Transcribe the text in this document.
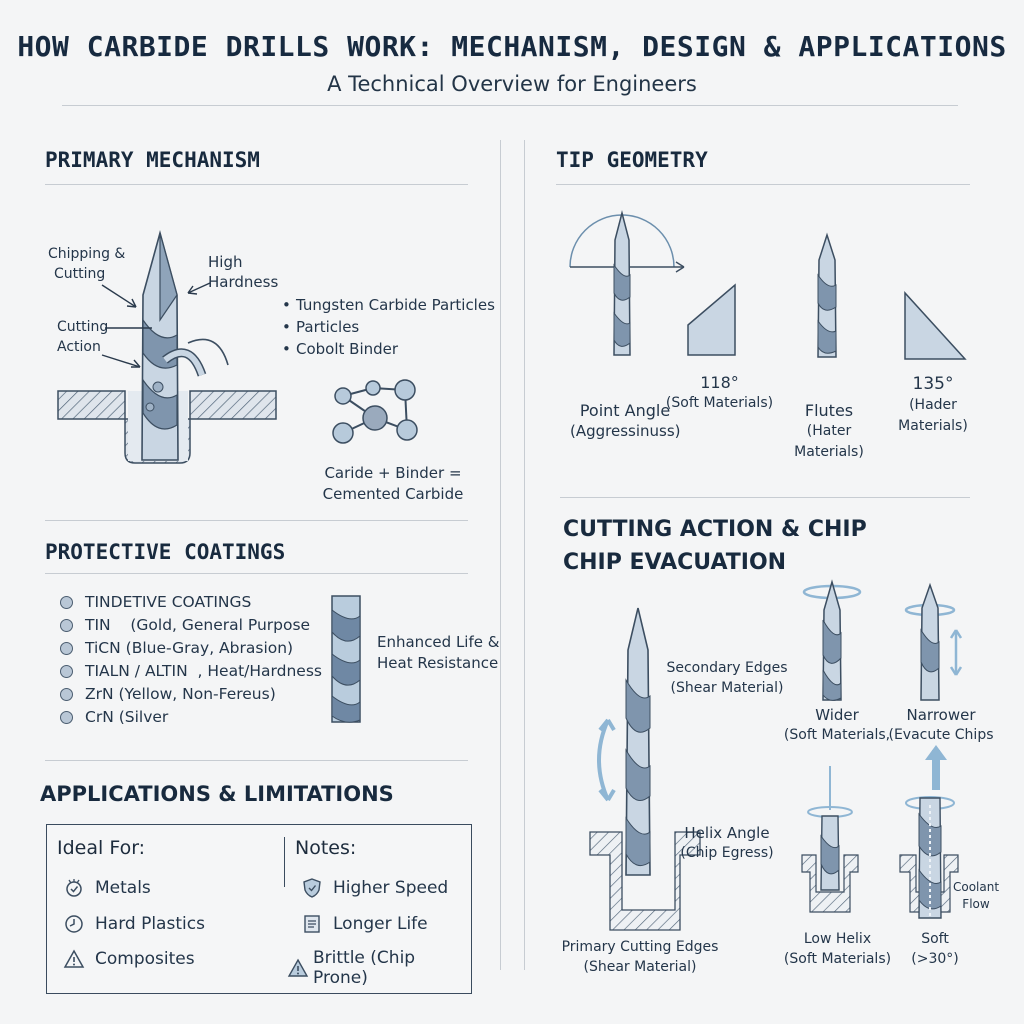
HOW CARBIDE DRILLS WORK: MECHANISM, DESIGN & APPLICATIONS
A Technical Overview for Engineers
PRIMARY MECHANISM
Chipping &
Cutting
High
Hardness
Cutting
Action
• Tungsten Carbide Particles
• Particles
• Cobolt Binder
Caride + Binder =
Cemented Carbide
TIP GEOMETRY
Point Angle
(Aggressinuss)
118°
(Soft Materials)	Flutes
(Hater Materials)
135°
(Hader
Materials)
PROTECTIVE COATINGS
TINDETIVE COATINGS
TIN    (Gold, General Purpose
TiCN (Blue-Gray, Abrasion)
TIALN / ALTIN  , Heat/Hardness
ZrN (Yellow, Non-Fereus)
CrN (Silver
Enhanced Life &
Heat Resistance
CUTTING ACTION & CHIP
CHIP EVACUATION
Secondary Edges
(Shear Material)
Helix Angle
(Chip Egress)
Primary Cutting Edges
(Shear Material)
Wider
(Soft Materials,
Narrower
(Evacute Chips
Low Helix
(Soft Materials)
Soft
(>30°)
Coolant
Flow
APPLICATIONS & LIMITATIONS
Ideal For:
Metals
Hard Plastics
Composites
Notes:
Higher Speed
Longer Life
Brittle (Chip Prone)
